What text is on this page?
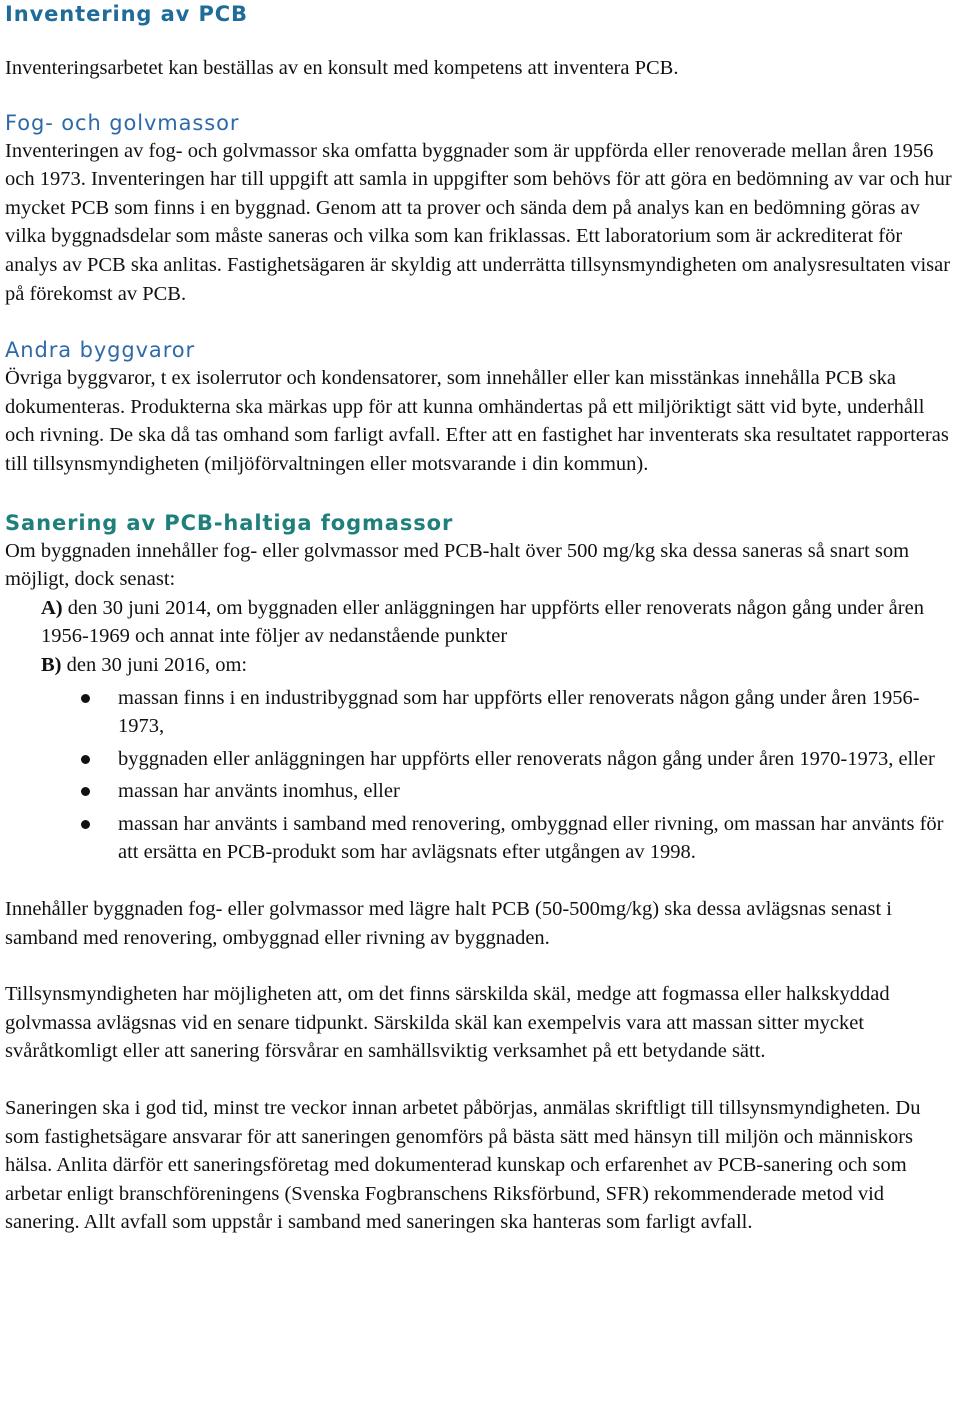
Inventering av PCB

Inventeringsarbetet kan beställas av en konsult med kompetens att inventera PCB.

Fog- och golvmassor

Inventeringen av fog- och golvmassor ska omfatta byggnader som är uppförda eller renoverade mellan åren 1956 och 1973. Inventeringen har till uppgift att samla in uppgifter som behövs för att göra en bedömning av var och hur mycket PCB som finns i en byggnad. Genom att ta prover och sända dem på analys kan en bedömning göras av vilka byggnadsdelar som måste saneras och vilka som kan friklassas. Ett laboratorium som är ackrediterat för analys av PCB ska anlitas. Fastighetsägaren är skyldig att underrätta tillsynsmyndigheten om analysresultaten visar på förekomst av PCB.

Andra byggvaror

Övriga byggvaror, t ex isolerrutor och kondensatorer, som innehåller eller kan misstänkas innehålla PCB ska dokumenteras. Produkterna ska märkas upp för att kunna omhändertas på ett miljöriktigt sätt vid byte, underhåll och rivning. De ska då tas omhand som farligt avfall. Efter att en fastighet har inventerats ska resultatet rapporteras till tillsynsmyndigheten (miljöförvaltningen eller motsvarande i din kommun).

Sanering av PCB-haltiga fogmassor

Om byggnaden innehåller fog- eller golvmassor med PCB-halt över 500 mg/kg ska dessa saneras så snart som möjligt, dock senast:

A) den 30 juni 2014, om byggnaden eller anläggningen har uppförts eller renoverats någon gång under åren 1956-1969 och annat inte följer av nedanstående punkter

B) den 30 juni 2016, om:

massan finns i en industribyggnad som har uppförts eller renoverats någon gång under åren 1956-1973,
byggnaden eller anläggningen har uppförts eller renoverats någon gång under åren 1970-1973, eller
massan har använts inomhus, eller
massan har använts i samband med renovering, ombyggnad eller rivning, om massan har använts för att ersätta en PCB-produkt som har avlägsnats efter utgången av 1998.

Innehåller byggnaden fog- eller golvmassor med lägre halt PCB (50-500mg/kg) ska dessa avlägsnas senast i samband med renovering, ombyggnad eller rivning av byggnaden.

Tillsynsmyndigheten har möjligheten att, om det finns särskilda skäl, medge att fogmassa eller halkskyddad golvmassa avlägsnas vid en senare tidpunkt. Särskilda skäl kan exempelvis vara att massan sitter mycket svåråtkomligt eller att sanering försvårar en samhällsviktig verksamhet på ett betydande sätt.

Saneringen ska i god tid, minst tre veckor innan arbetet påbörjas, anmälas skriftligt till tillsynsmyndigheten. Du som fastighetsägare ansvarar för att saneringen genomförs på bästa sätt med hänsyn till miljön och människors hälsa. Anlita därför ett saneringsföretag med dokumenterad kunskap och erfarenhet av PCB-sanering och som arbetar enligt branschföreningens (Svenska Fogbranschens Riksförbund, SFR) rekommenderade metod vid sanering. Allt avfall som uppstår i samband med saneringen ska hanteras som farligt avfall.
